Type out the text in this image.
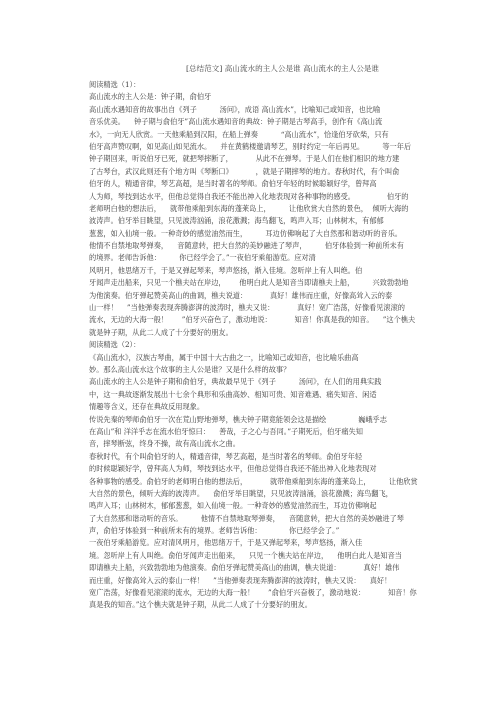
[总结范文] 高山流水的主人公是谁 高山流水的主人公是谁
阅读精选（1）：
高山流水的主人公是：钟子期，俞伯牙
高山流水遇知音的故事出自《列子          汤问》，成语 高山流水”，比喻知己或知音，也比喻
音乐优美。    钟子期与俞伯牙”高山流水遇知音的典故：钟子期是古琴高手，创作有《高山流
水》，一向无人欣赏。一天他乘船到汉阳，在船上弹奏          “高山流水”，恰逢伯牙砍柴，只有
伯牙高声赞叹啊，如见高山如见流水。    并在黄鹤楼邀请琴艺，别时约定一年后再见。        等一年后
钟子期回来，听说伯牙已死，就把琴摔断了，          从此不在弹琴。于是人们在他们相识的地方建
了古琴台，武汉此则还有个地方叫《琴断口》          ，就是子期摔琴的地方。春秋时代，有个叫俞
伯牙的人，精通音律，琴艺高超，是当时著名的琴师。俞伯牙年轻的时候聪颖好学，曾拜高
人为师，琴技到达水平，但他总觉得自我还不能出神入化地表现对各种事物的感受。              伯牙的
老师明白他的想法后，    就带他乘船到东海的蓬莱岛上，        让他欣赏大自然的景色，  倾听大海的
波涛声。伯牙举目眺望，只见波涛汹涌，浪花激溅；海鸟翻飞，鸣声入耳；山林树木，有郁郁
葱葱，如入仙境一般。一种奇妙的感觉油然而生，        耳边仿佛响起了大自然那和谐动听的音乐。
他情不自禁地取琴弹奏，    音随意转，把大自然的美妙融进了琴声，        伯牙体验到一种前所未有
的境界。老师告诉他：        你已经学会了。”一夜伯牙乘船游览。应对清
风明月，他思绪万千，于是又弹起琴来，琴声悠扬，渐入佳境。忽听岸上有人叫绝。伯
牙闻声走出船来，只见一个樵夫站在岸边，      他明白此人是知音当即请樵夫上船，        兴致勃勃地
为他演奏。伯牙弹起赞美高山的曲调，樵夫说道：          真好！雄伟而庄重，好像高耸入云的泰
山一样！    ”当他弹奏表现奔腾澎湃的波涛时，樵夫又说：          真好！宽广浩荡，好像看见滚滚的
流水，无边的大海一般！      ”伯牙兴奋色了，激动地说：          知音！你真是我的知音。    ”这个樵夫
就是钟子期，从此二人成了十分要好的朋友。
阅读精选（2）：
《高山流水》，汉族古琴曲，属于中国十大古曲之一，比喻知己或知音，也比喻乐曲高
妙。那么高山流水这个故事的主人公是谁？又是什么样的故事？
高山流水的主人公是钟子期和俞伯牙，典故最早见于《列子          汤问》，在人们的用典实践
中，这一典故逐渐发展出十七余个典形和乐曲高妙、相知可贵、知音难遇、痛失知音、闲适
情趣等含义，还存在典故反用现象。
传说先秦的琴师俞伯牙一次在荒山野地弹琴，樵夫钟子期竟能领会这是描绘              巍峨乎志
在高山”和 洋洋乎志在流水伯牙惊曰：    善哉，子之心与吾同。”子期死后，伯牙痛失知
音，摔琴断弦，终身不操，故有高山流水之曲。
春秋时代，有个叫俞伯牙的人，精通音律，琴艺高超，是当时著名的琴师。俞伯牙年轻
的时候聪颖好学，曾拜高人为师，琴技到达水平，但他总觉得自我还不能出神入化地表现对
各种事物的感受。俞伯牙的老师明白他的想法后，          就带他乘船到东海的蓬莱岛上，        让他欣赏
大自然的景色，倾听大海的波涛声。    俞伯牙举目眺望，只见波涛汹涌，浪花激溅；海鸟翻飞，
鸣声入耳；山林树木，郁郁葱葱，如入仙境一般。一种奇妙的感觉油然而生，耳边仿佛响起
了大自然那和谐动听的音乐。        他情不自禁地取琴弹奏，    音随意转，把大自然的美妙融进了琴
声，俞伯牙体验到一种前所未有的境界。老师告诉他：            你已经学会了。”
一夜伯牙乘船游览。应对清风明月，他思绪万千，于是又弹起琴来，琴声悠扬，渐入佳
境。忽听岸上有人叫绝。俞伯牙闻声走出船来，    只见一个樵夫站在岸边，    他明白此人是知音当
即请樵夫上船，兴致勃勃地为他演奏。俞伯牙弹起赞美高山的曲调，樵夫说道：          真好！雄伟
而庄重，好像高耸入云的泰山一样！    ”当他弹奏表现奔腾澎湃的波涛时，樵夫又说：    真好！
宽广浩荡，好像看见滚滚的流水，无边的大海一般！      ”俞伯牙兴奋极了，激动地说：          知音！你
真是我的知音。”这个樵夫就是钟子期，从此二人成了十分要好的朋友。
